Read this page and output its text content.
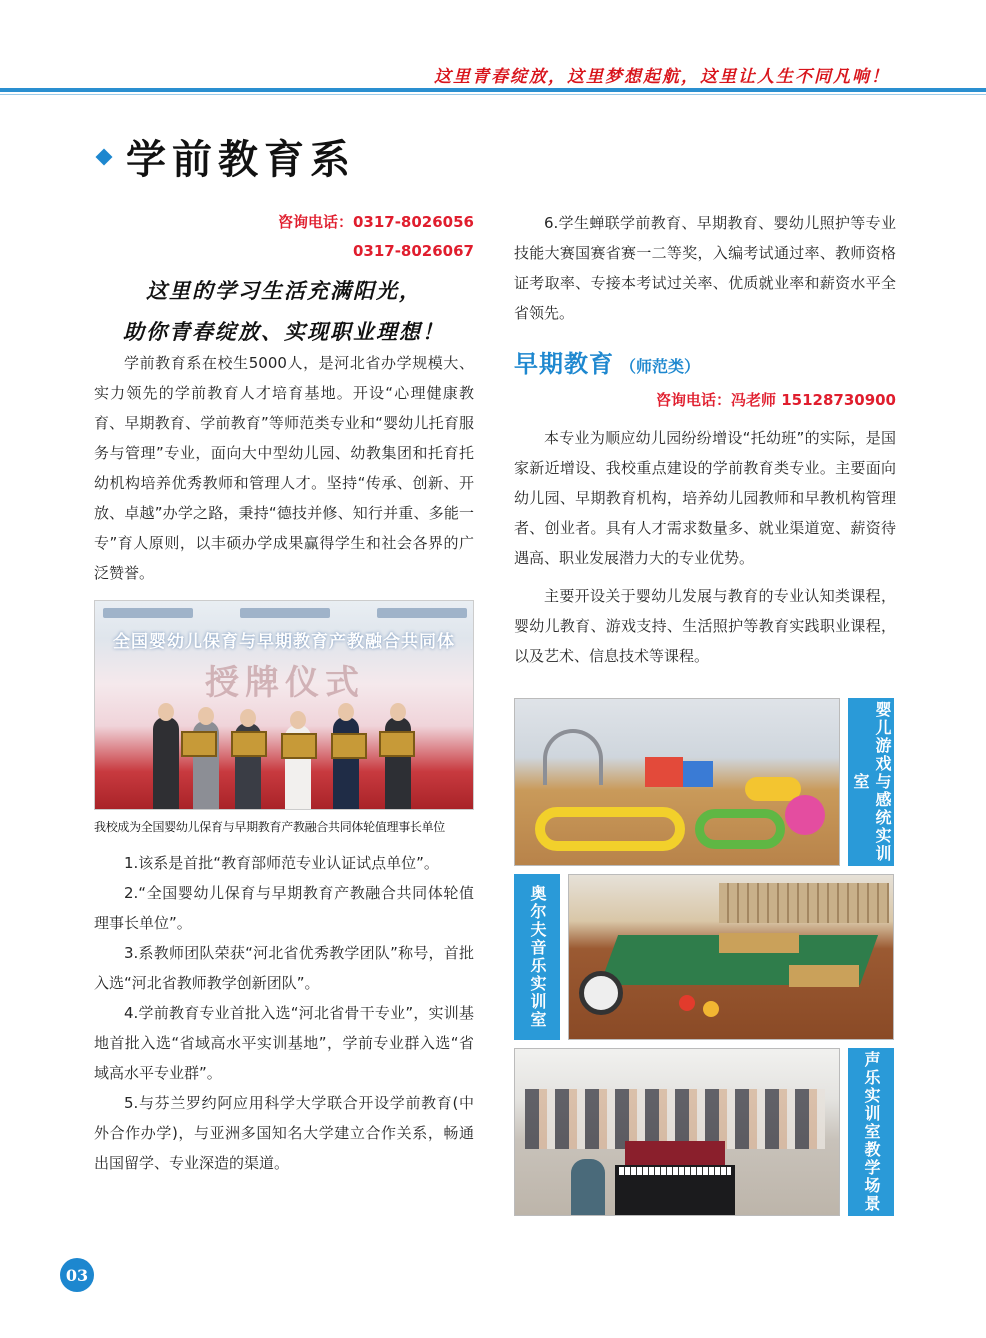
这里青春绽放，这里梦想起航，这里让人生不同凡响！
学前教育系
咨询电话：0317-8026056
0317-8026067
这里的学习生活充满阳光，
助你青春绽放、实现职业理想！

学前教育系在校生5000人，是河北省办学规模大、实力领先的学前教育人才培育基地。开设“心理健康教育、早期教育、学前教育”等师范类专业和“婴幼儿托育服务与管理”专业，面向大中型幼儿园、幼教集团和托育托幼机构培养优秀教师和管理人才。坚持“传承、创新、开放、卓越”办学之路，秉持“德技并修、知行并重、多能一专”育人原则，以丰硕办学成果赢得学生和社会各界的广泛赞誉。

全国婴幼儿保育与早期教育产教融合共同体
授牌仪式
我校成为全国婴幼儿保育与早期教育产教融合共同体轮值理事长单位

1.该系是首批“教育部师范专业认证试点单位”。

2.“全国婴幼儿保育与早期教育产教融合共同体轮值理事长单位”。

3.系教师团队荣获“河北省优秀教学团队”称号，首批入选“河北省教师教学创新团队”。

4.学前教育专业首批入选“河北省骨干专业”，实训基地首批入选“省域高水平实训基地”，学前专业群入选“省域高水平专业群”。

5.与芬兰罗约阿应用科学大学联合开设学前教育(中外合作办学)，与亚洲多国知名大学建立合作关系，畅通出国留学、专业深造的渠道。

6.学生蝉联学前教育、早期教育、婴幼儿照护等专业技能大赛国赛省赛一二等奖，入编考试通过率、教师资格证考取率、专接本考试过关率、优质就业率和薪资水平全省领先。

早期教育 （师范类）
咨询电话：冯老师 15128730900

本专业为顺应幼儿园纷纷增设“托幼班”的实际，是国家新近增设、我校重点建设的学前教育类专业。主要面向幼儿园、早期教育机构，培养幼儿园教师和早教机构管理者、创业者。具有人才需求数量多、就业渠道宽、薪资待遇高、职业发展潜力大的专业优势。

主要开设关于婴幼儿发展与教育的专业认知类课程，婴幼儿教育、游戏支持、生活照护等教育实践职业课程，以及艺术、信息技术等课程。

婴儿游戏与感统实训室
奥尔夫音乐实训室
声乐实训室教学场景
03
